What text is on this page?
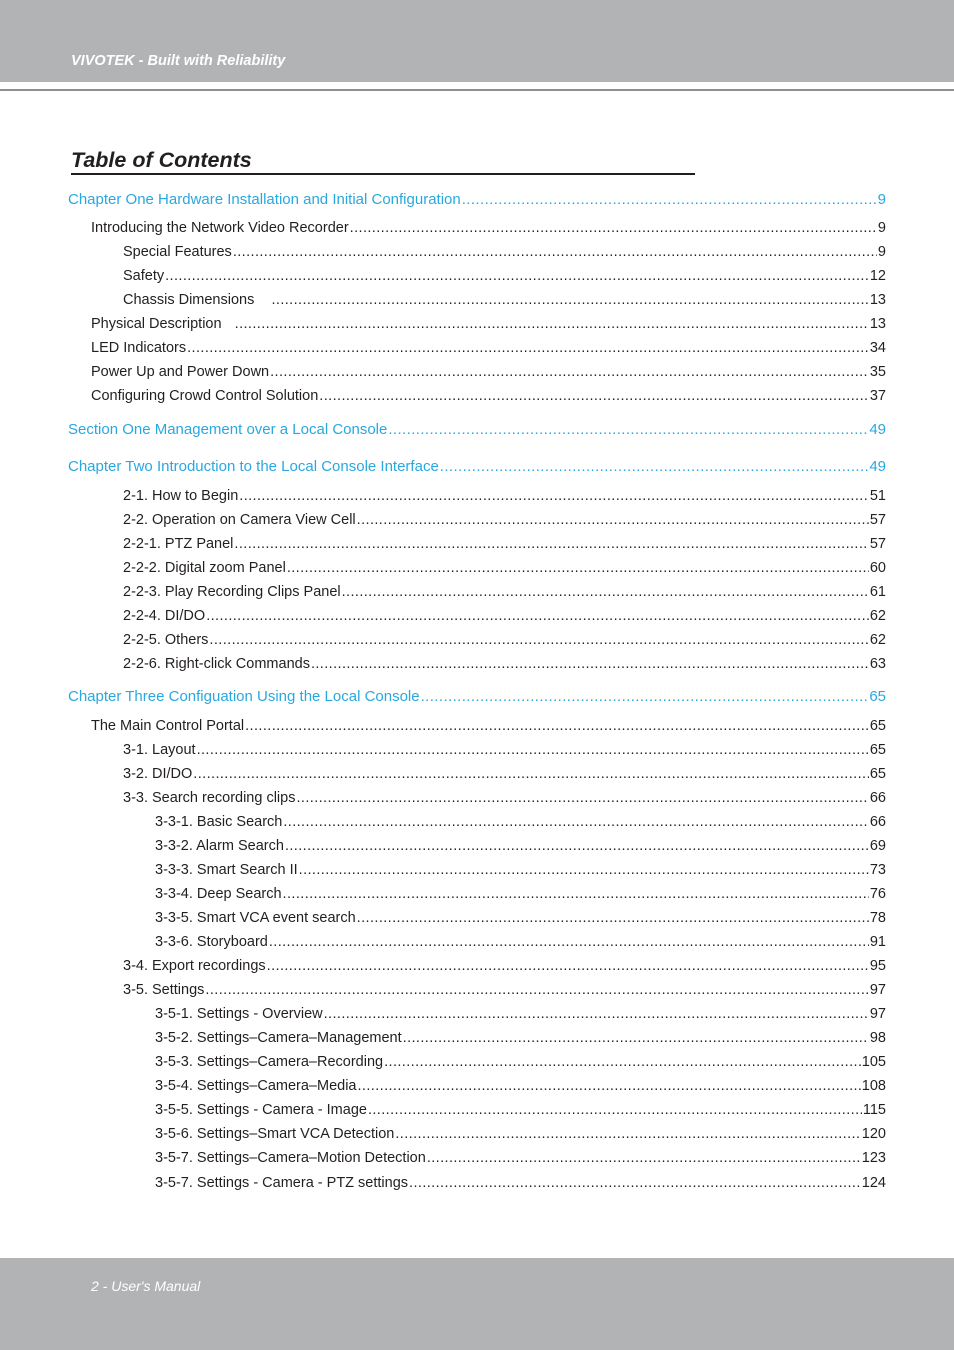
VIVOTEK - Built with Reliability
Table of Contents
Chapter One Hardware Installation and Initial Configuration .....	9
Introducing the Network Video Recorder .....	9
Special Features .....	9
Safety .....	12
Chassis Dimensions .....	13
Physical Description .....	13
LED Indicators .....	34
Power Up and Power Down .....	35
Configuring Crowd Control Solution .....	37
Section One Management over a Local Console .....	49
Chapter Two Introduction to the Local Console Interface .....	49
2-1. How to Begin .....	51
2-2. Operation on Camera View Cell .....	57
2-2-1. PTZ Panel .....	57
2-2-2. Digital zoom Panel .....	60
2-2-3. Play Recording Clips Panel .....	61
2-2-4. DI/DO .....	62
2-2-5. Others .....	62
2-2-6. Right-click Commands .....	63
Chapter Three Configuation Using the Local Console .....	65
The Main Control Portal .....	65
3-1. Layout .....	65
3-2. DI/DO .....	65
3-3. Search recording clips .....	66
3-3-1. Basic Search .....	66
3-3-2. Alarm Search .....	69
3-3-3. Smart Search II .....	73
3-3-4. Deep Search .....	76
3-3-5. Smart VCA event search .....	78
3-3-6. Storyboard .....	91
3-4. Export recordings .....	95
3-5. Settings .....	97
3-5-1. Settings - Overview .....	97
3-5-2. Settings–Camera–Management .....	98
3-5-3. Settings–Camera–Recording .....	105
3-5-4. Settings–Camera–Media .....	108
3-5-5. Settings - Camera - Image .....	115
3-5-6. Settings–Smart VCA Detection .....	120
3-5-7. Settings–Camera–Motion Detection .....	123
3-5-7. Settings - Camera - PTZ settings .....	124
2 - User's Manual
